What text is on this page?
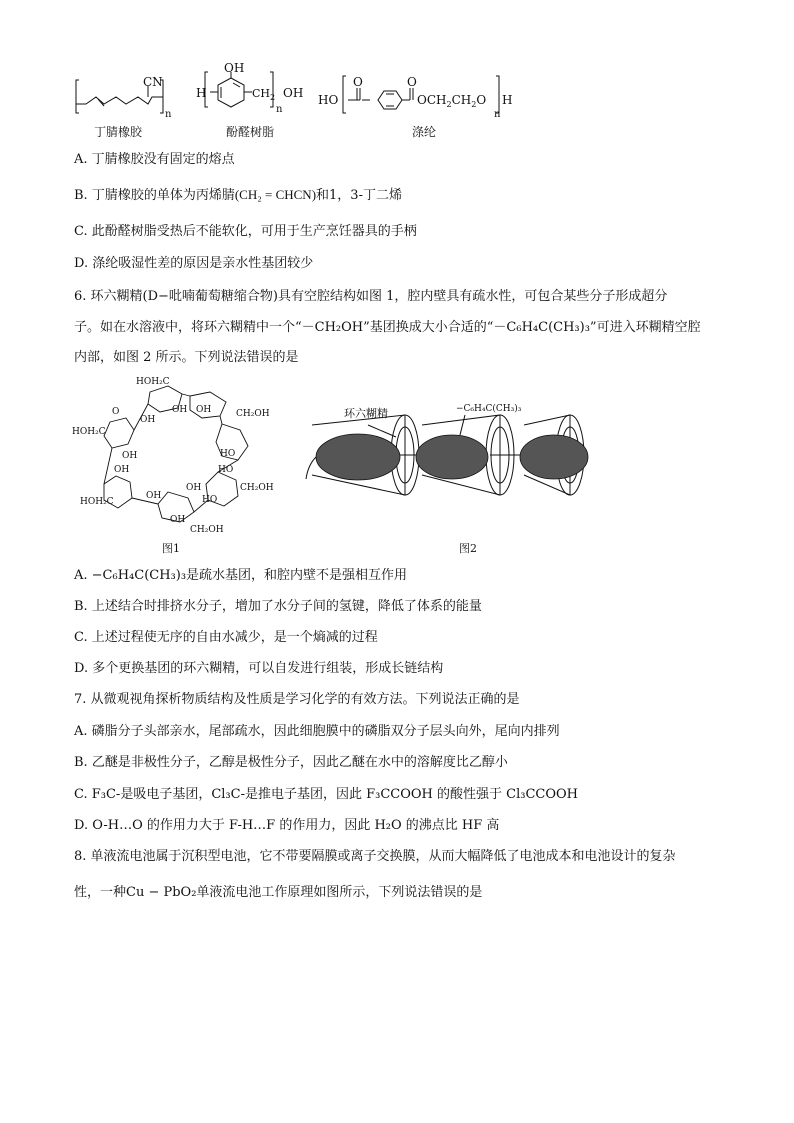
CN
n
OH
H	$CH_2$ OH
n
HO
O	O
$OCH_2CH_2O$ H
n
丁腈橡胶	酚醛树脂	涤纶
A. 丁腈橡胶没有固定的熔点
B. 丁腈橡胶的单体为丙烯腈(CH₂ = CHCN)和1，3-丁二烯
C. 此酚醛树脂受热后不能软化，可用于生产烹饪器具的手柄
D. 涤纶吸湿性差的原因是亲水性基团较少
6. 环六糊精(D−吡喃葡萄糖缩合物)具有空腔结构如图 1，腔内壁具有疏水性，可包合某些分子形成超分
子。如在水溶液中，将环六糊精中一个“－CH₂OH”基团换成大小合适的“－C₆H₄C(CH₃)₃”可进入环糊精空腔
内部，如图 2 所示。下列说法错误的是
HOH₂C
OH OH	CH₂OH
HOH₂C
OH
O
OH	HO
OH	HO
CH₂OH
HOH₂C
OH
OH
OH
CH₂OH
HO
图1
环六糊精	−C₆H₄C(CH₃)₃
图2
A. −C₆H₄C(CH₃)₃是疏水基团，和腔内壁不是强相互作用
B. 上述结合时排挤水分子，增加了水分子间的氢键，降低了体系的能量
C. 上述过程使无序的自由水减少，是一个熵减的过程
D. 多个更换基团的环六糊精，可以自发进行组装，形成长链结构
7. 从微观视角探析物质结构及性质是学习化学的有效方法。下列说法正确的是
A. 磷脂分子头部亲水，尾部疏水，因此细胞膜中的磷脂双分子层头向外，尾向内排列
B. 乙醚是非极性分子，乙醇是极性分子，因此乙醚在水中的溶解度比乙醇小
C. F₃C-是吸电子基团，Cl₃C-是推电子基团，因此 F₃CCOOH 的酸性强于 Cl₃CCOOH
D. O-H…O 的作用力大于 F-H…F 的作用力，因此 H₂O 的沸点比 HF 高
8. 单液流电池属于沉积型电池，它不带要隔膜或离子交换膜，从而大幅降低了电池成本和电池设计的复杂
性，一种Cu − PbO₂单液流电池工作原理如图所示，下列说法错误的是
